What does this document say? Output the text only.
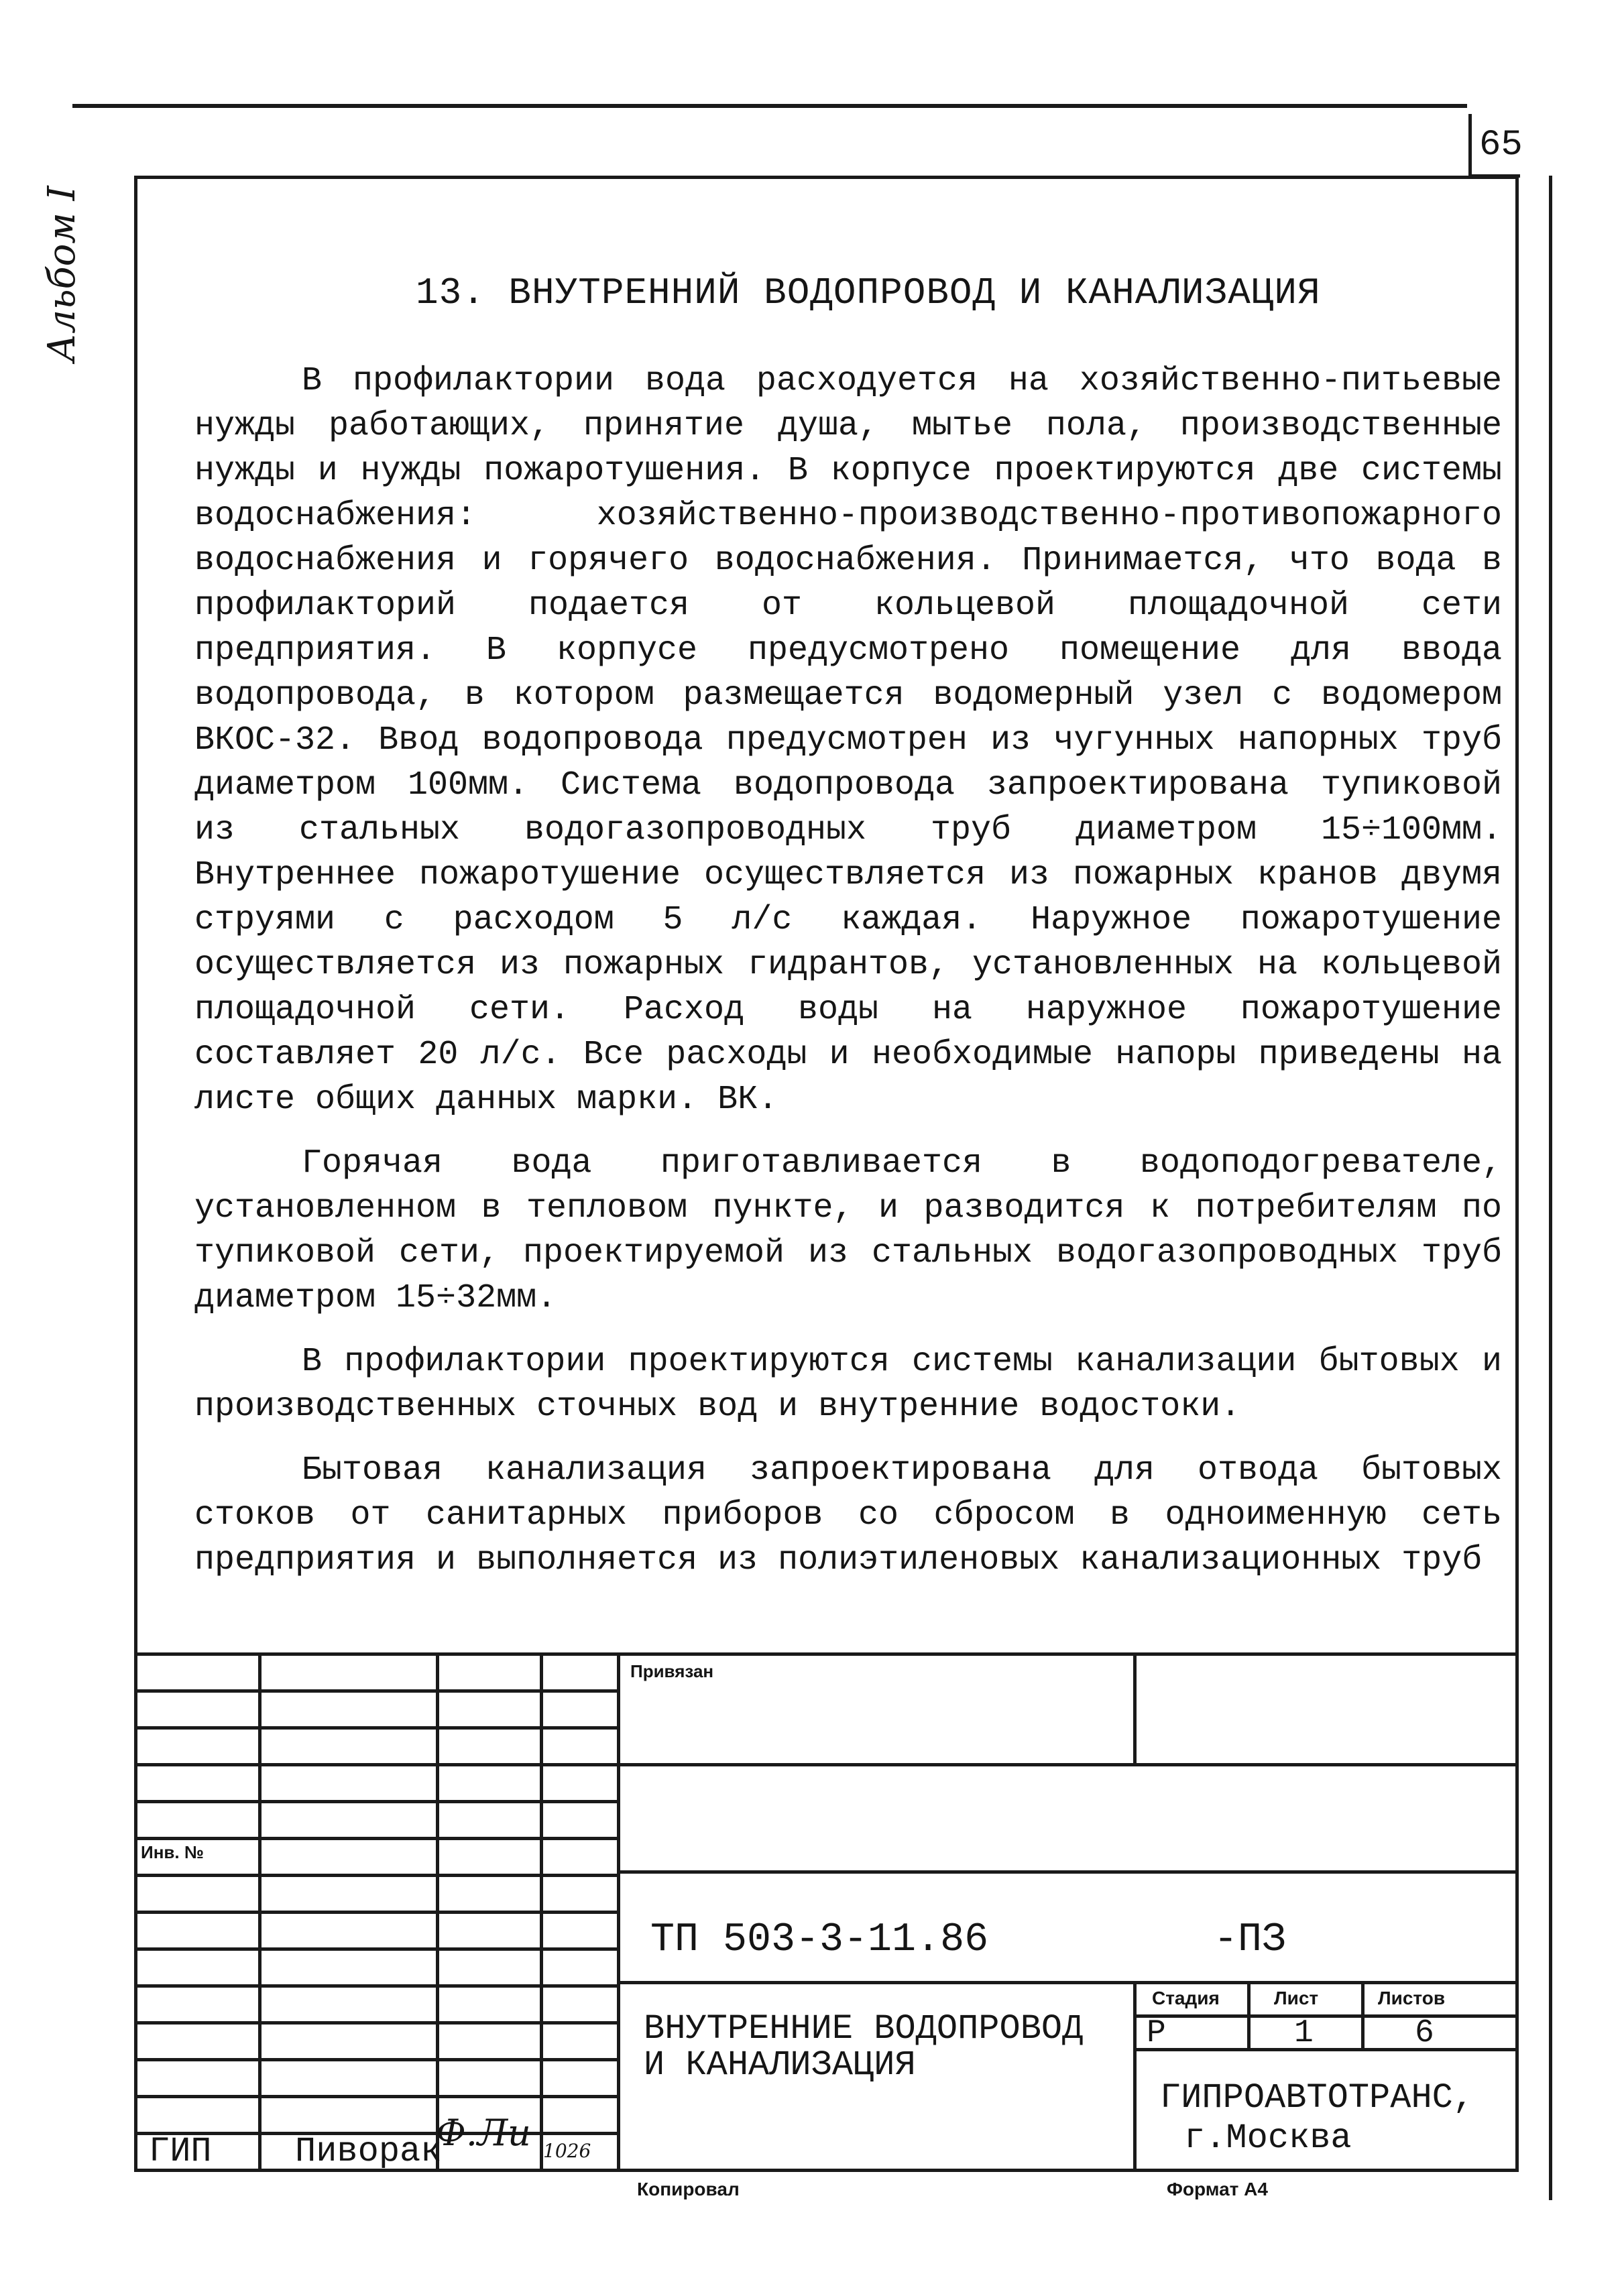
65
Альбом I	13. ВНУТРЕННИЙ ВОДОПРОВОД И КАНАЛИЗАЦИЯ

В профилактории вода расходуется на хозяйственно-питьевые нужды работающих, принятие душа, мытье пола, производственные нужды и нужды пожаротушения. В корпусе проектируются две системы водоснабжения: хозяйственно-производственно-противопожарного водоснабжения и горячего водоснабжения. Принимается, что вода в профилакторий подается от кольцевой площадочной сети предприятия. В корпусе предусмотрено помещение для ввода водопровода, в котором размещается водомерный узел с водомером ВКОС-32. Ввод водопровода предусмотрен из чугунных напорных труб диаметром 100мм. Система водопровода запроектирована тупиковой из стальных водогазопроводных труб диаметром 15÷100мм. Внутреннее пожаротушение осуществляется из пожарных кранов двумя струями с расходом 5 л/с каждая. Наружное пожаротушение осуществляется из пожарных гидрантов, установленных на кольцевой площадочной сети. Расход воды на наружное пожаротушение составляет 20 л/с. Все расходы и необходимые напоры приведены на листе общих данных марки. ВК.

Горячая вода приготавливается в водоподогревателе, установленном в тепловом пункте, и разводится к потребителям по тупиковой сети, проектируемой из стальных водогазопроводных труб диаметром 15÷32мм.

В профилактории проектируются системы канализации бытовых и производственных сточных вод и внутренние водостоки.

Бытовая канализация запроектирована для отвода бытовых стоков от санитарных приборов со сбросом в одноименную сеть предприятия и выполняется из полиэтиленовых канализационных труб

Привязан
Инв. №
ТП 503-3-11.86	-ПЗ
ВНУТРЕННИЕ ВОДОПРОВОД
И КАНАЛИЗАЦИЯ
Стадия	Лист	Листов
Р	1	6
ГИПРОАВТОТРАНС,
г.Москва
ГИП Пиворак
Ф.Ли 1026
Копировал	Формат А4
